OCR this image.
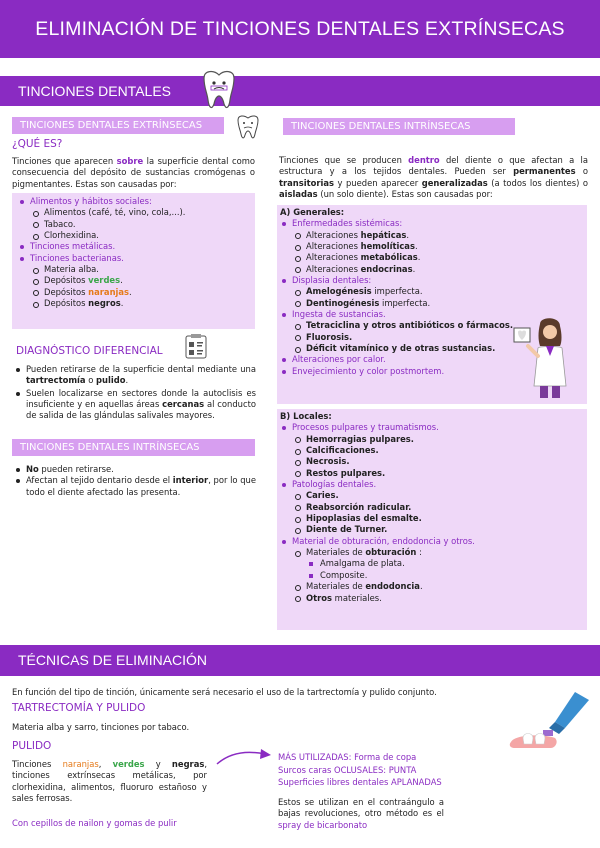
ELIMINACIÓN DE TINCIONES DENTALES EXTRÍNSECAS
TINCIONES DENTALES
TINCIONES DENTALES EXTRÍNSECAS
¿QUÉ ES?
Tinciones que aparecen sobre la superficie dental como consecuencia del depósito de sustancias cromógenas o pigmentantes. Estas son causadas por:
Alimentos y hábitos sociales:
Alimentos (café, té, vino, cola,...).
Tabaco.
Clorhexidina.
Tinciones metálicas.
Tinciones bacterianas.
Materia alba.
Depósitos verdes.
Depósitos naranjas.
Depósitos negros.
DIAGNÓSTICO DIFERENCIAL
Pueden retirarse de la superficie dental mediante una tartrectomía o pulido.
Suelen localizarse en sectores donde la autoclisis es insuficiente y en aquellas áreas cercanas al conducto de salida de las glándulas salivales mayores.
TINCIONES DENTALES INTRÍNSECAS
No pueden retirarse.
Afectan al tejido dentario desde el interior, por lo que todo el diente afectado las presenta.
TINCIONES DENTALES INTRÍNSECAS
Tinciones que se producen dentro del diente o que afectan a la estructura y a los tejidos dentales. Pueden ser permanentes o transitorias y pueden aparecer generalizadas (a todos los dientes) o aisladas (un solo diente). Estas son causadas por:
A) Generales:
Enfermedades sistémicas:
Alteraciones hepáticas.
Alteraciones hemolíticas.
Alteraciones metabólicas.
Alteraciones endocrinas.
Displasia dentales:
Amelogénesis imperfecta.
Dentinogénesis imperfecta.
Ingesta de sustancias.
Tetraciclina y otros antibióticos o fármacos.
Fluorosis.
Déficit vitamínico y de otras sustancias.
Alteraciones por calor.
Envejecimiento y color postmortem.
B) Locales:
Procesos pulpares y traumatismos.
Hemorragias pulpares.
Calcificaciones.
Necrosis.
Restos pulpares.
Patologías dentales.
Caries.
Reabsorción radicular.
Hipoplasias del esmalte.
Diente de Turner.
Material de obturación, endodoncia y otros.
Materiales de obturación :
Amalgama de plata.
Composite.
Materiales de endodoncia.
Otros materiales.
TÉCNICAS DE ELIMINACIÓN
En función del tipo de tinción, únicamente será necesario el uso de la tartrectomía y pulido conjunto.
TARTRECTOMÍA Y PULIDO
Materia alba y sarro, tinciones por tabaco.
PULIDO
Tinciones naranjas, verdes y negras, tinciones extrínsecas metálicas, por clorhexidina, alimentos, fluoruro estañoso y sales ferrosas.
Con cepillos de nailon y gomas de pulir
MÁS UTILIZADAS: Forma de copa
Surcos caras OCLUSALES: PUNTA
Superficies libres dentales APLANADAS
Estos se utilizan en el contraángulo a bajas revoluciones, otro método es el spray de bicarbonato
